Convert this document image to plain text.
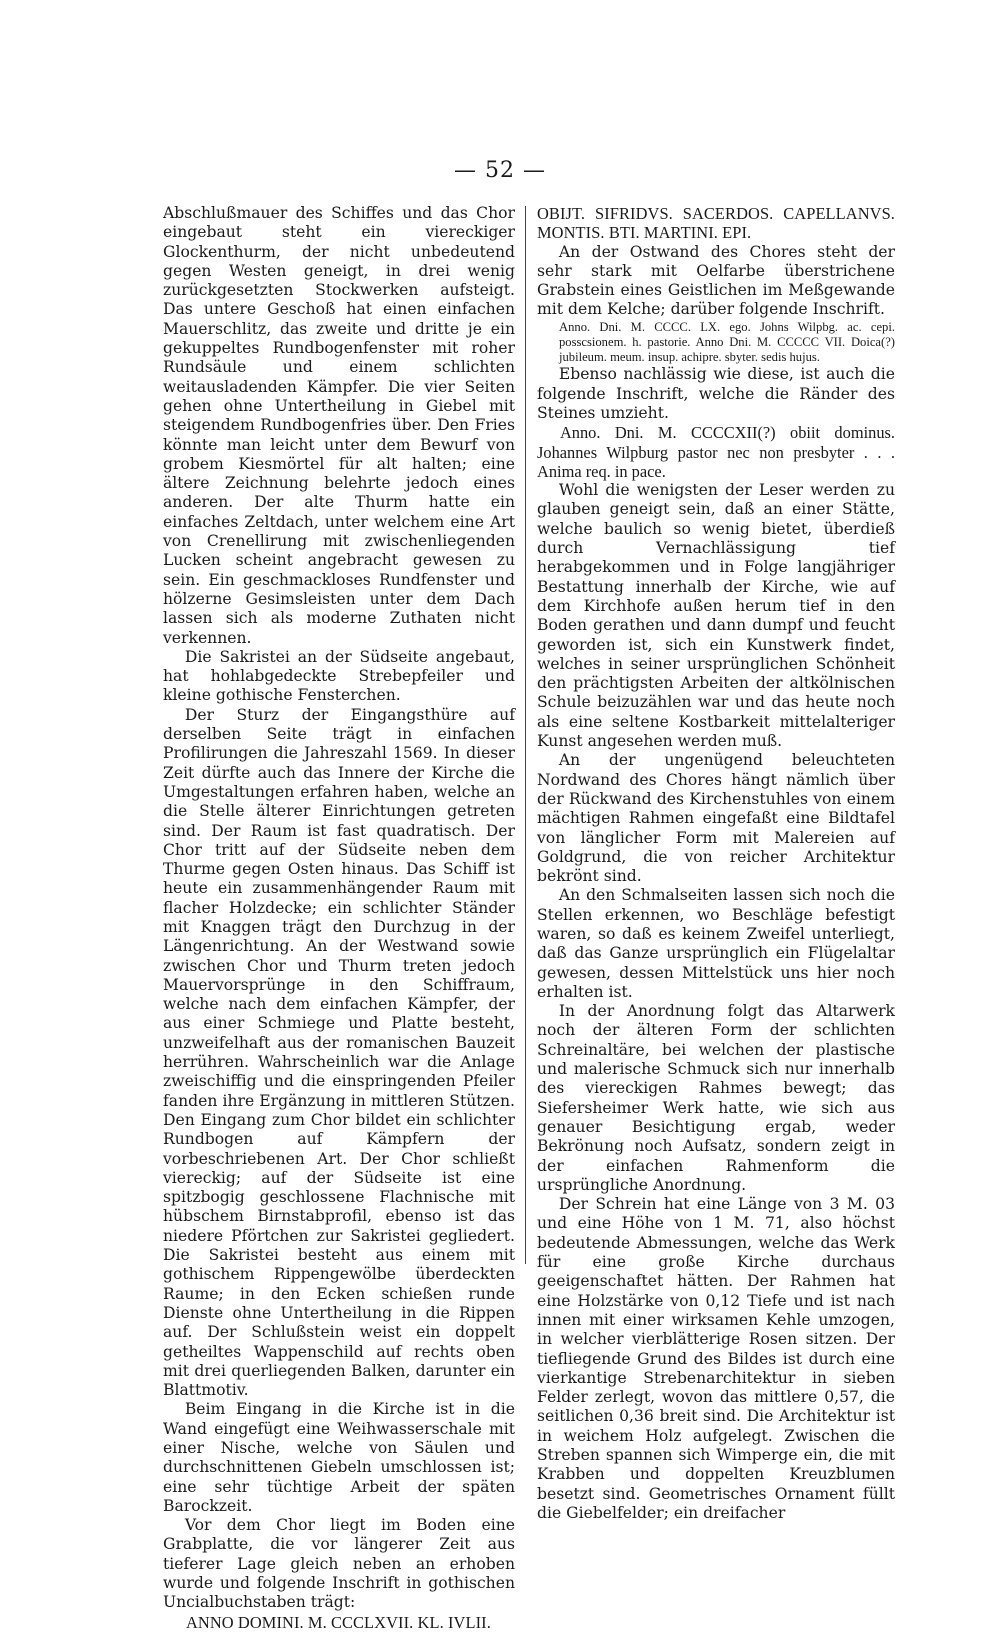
— 52 —

Abschlußmauer des Schiffes und das Chor eingebaut steht ein viereckiger Glockenthurm, der nicht unbedeutend gegen Westen geneigt, in drei wenig zurückgesetzten Stockwerken aufsteigt. Das untere Geschoß hat einen einfachen Mauerschlitz, das zweite und dritte je ein gekuppeltes Rundbogenfenster mit roher Rundsäule und einem schlichten weitausladenden Kämpfer. Die vier Seiten gehen ohne Untertheilung in Giebel mit steigendem Rundbogenfries über. Den Fries könnte man leicht unter dem Bewurf von grobem Kiesmörtel für alt halten; eine ältere Zeichnung belehrte jedoch eines anderen. Der alte Thurm hatte ein einfaches Zeltdach, unter welchem eine Art von Crenellirung mit zwischenliegenden Lucken scheint angebracht gewesen zu sein. Ein geschmackloses Rundfenster und hölzerne Gesimsleisten unter dem Dach lassen sich als moderne Zuthaten nicht verkennen.

Die Sakristei an der Südseite angebaut, hat hohlabgedeckte Strebepfeiler und kleine gothische Fensterchen.

Der Sturz der Eingangsthüre auf derselben Seite trägt in einfachen Profilirungen die Jahreszahl 1569. In dieser Zeit dürfte auch das Innere der Kirche die Umgestaltungen erfahren haben, welche an die Stelle älterer Einrichtungen getreten sind. Der Raum ist fast quadratisch. Der Chor tritt auf der Südseite neben dem Thurme gegen Osten hinaus. Das Schiff ist heute ein zusammenhängender Raum mit flacher Holzdecke; ein schlichter Ständer mit Knaggen trägt den Durchzug in der Längenrichtung. An der Westwand sowie zwischen Chor und Thurm treten jedoch Mauervorsprünge in den Schiffraum, welche nach dem einfachen Kämpfer, der aus einer Schmiege und Platte besteht, unzweifelhaft aus der romanischen Bauzeit herrühren. Wahrscheinlich war die Anlage zweischiffig und die einspringenden Pfeiler fanden ihre Ergänzung in mittleren Stützen. Den Eingang zum Chor bildet ein schlichter Rundbogen auf Kämpfern der vorbeschriebenen Art. Der Chor schließt viereckig; auf der Südseite ist eine spitzbogig geschlossene Flachnische mit hübschem Birnstabprofil, ebenso ist das niedere Pförtchen zur Sakristei gegliedert. Die Sakristei besteht aus einem mit gothischem Rippengewölbe überdeckten Raume; in den Ecken schießen runde Dienste ohne Untertheilung in die Rippen auf. Der Schlußstein weist ein doppelt getheiltes Wappenschild auf rechts oben mit drei querliegenden Balken, darunter ein Blattmotiv.

Beim Eingang in die Kirche ist in die Wand eingefügt eine Weihwasserschale mit einer Nische, welche von Säulen und durchschnittenen Giebeln umschlossen ist; eine sehr tüchtige Arbeit der späten Barockzeit.

Vor dem Chor liegt im Boden eine Grabplatte, die vor längerer Zeit aus tieferer Lage gleich neben an erhoben wurde und folgende Inschrift in gothischen Uncialbuchstaben trägt:

ANNO DOMINI. M. CCCLXVII. KL. IVLII.

OBIJT. SIFRIDVS. SACERDOS. CAPELLANVS. MONTIS. BTI. MARTINI. EPI.

An der Ostwand des Chores steht der sehr stark mit Oelfarbe überstrichene Grabstein eines Geistlichen im Meßgewande mit dem Kelche; darüber folgende Inschrift.

Anno. Dni. M. CCCC. LX. ego. Johns Wilpbg. ac. cepi. posscsionem. h. pastorie. Anno Dni. M. CCCCC VII. Doica(?) jubileum. meum. insup. achipre. sbyter. sedis hujus.

Ebenso nachlässig wie diese, ist auch die folgende Inschrift, welche die Ränder des Steines umzieht.

Anno. Dni. M. CCCCXII(?) obiit dominus. Johannes Wilpburg pastor nec non presbyter . . . Anima req. in pace.

Wohl die wenigsten der Leser werden zu glauben geneigt sein, daß an einer Stätte, welche baulich so wenig bietet, überdieß durch Vernachlässigung tief herabgekommen und in Folge langjähriger Bestattung innerhalb der Kirche, wie auf dem Kirchhofe außen herum tief in den Boden gerathen und dann dumpf und feucht geworden ist, sich ein Kunstwerk findet, welches in seiner ursprünglichen Schönheit den prächtigsten Arbeiten der altkölnischen Schule beizuzählen war und das heute noch als eine seltene Kostbarkeit mittelalteriger Kunst angesehen werden muß.

An der ungenügend beleuchteten Nordwand des Chores hängt nämlich über der Rückwand des Kirchenstuhles von einem mächtigen Rahmen eingefaßt eine Bildtafel von länglicher Form mit Malereien auf Goldgrund, die von reicher Architektur bekrönt sind.

An den Schmalseiten lassen sich noch die Stellen erkennen, wo Beschläge befestigt waren, so daß es keinem Zweifel unterliegt, daß das Ganze ursprünglich ein Flügelaltar gewesen, dessen Mittelstück uns hier noch erhalten ist.

In der Anordnung folgt das Altarwerk noch der älteren Form der schlichten Schreinaltäre, bei welchen der plastische und malerische Schmuck sich nur innerhalb des viereckigen Rahmes bewegt; das Siefersheimer Werk hatte, wie sich aus genauer Besichtigung ergab, weder Bekrönung noch Aufsatz, sondern zeigt in der einfachen Rahmenform die ursprüngliche Anordnung.

Der Schrein hat eine Länge von 3 M. 03 und eine Höhe von 1 M. 71, also höchst bedeutende Abmessungen, welche das Werk für eine große Kirche durchaus geeigenschaftet hätten. Der Rahmen hat eine Holzstärke von 0,12 Tiefe und ist nach innen mit einer wirksamen Kehle umzogen, in welcher vierblätterige Rosen sitzen. Der tiefliegende Grund des Bildes ist durch eine vierkantige Strebenarchitektur in sieben Felder zerlegt, wovon das mittlere 0,57, die seitlichen 0,36 breit sind. Die Architektur ist in weichem Holz aufgelegt. Zwischen die Streben spannen sich Wimperge ein, die mit Krabben und doppelten Kreuzblumen besetzt sind. Geometrisches Ornament füllt die Giebelfelder; ein dreifacher
